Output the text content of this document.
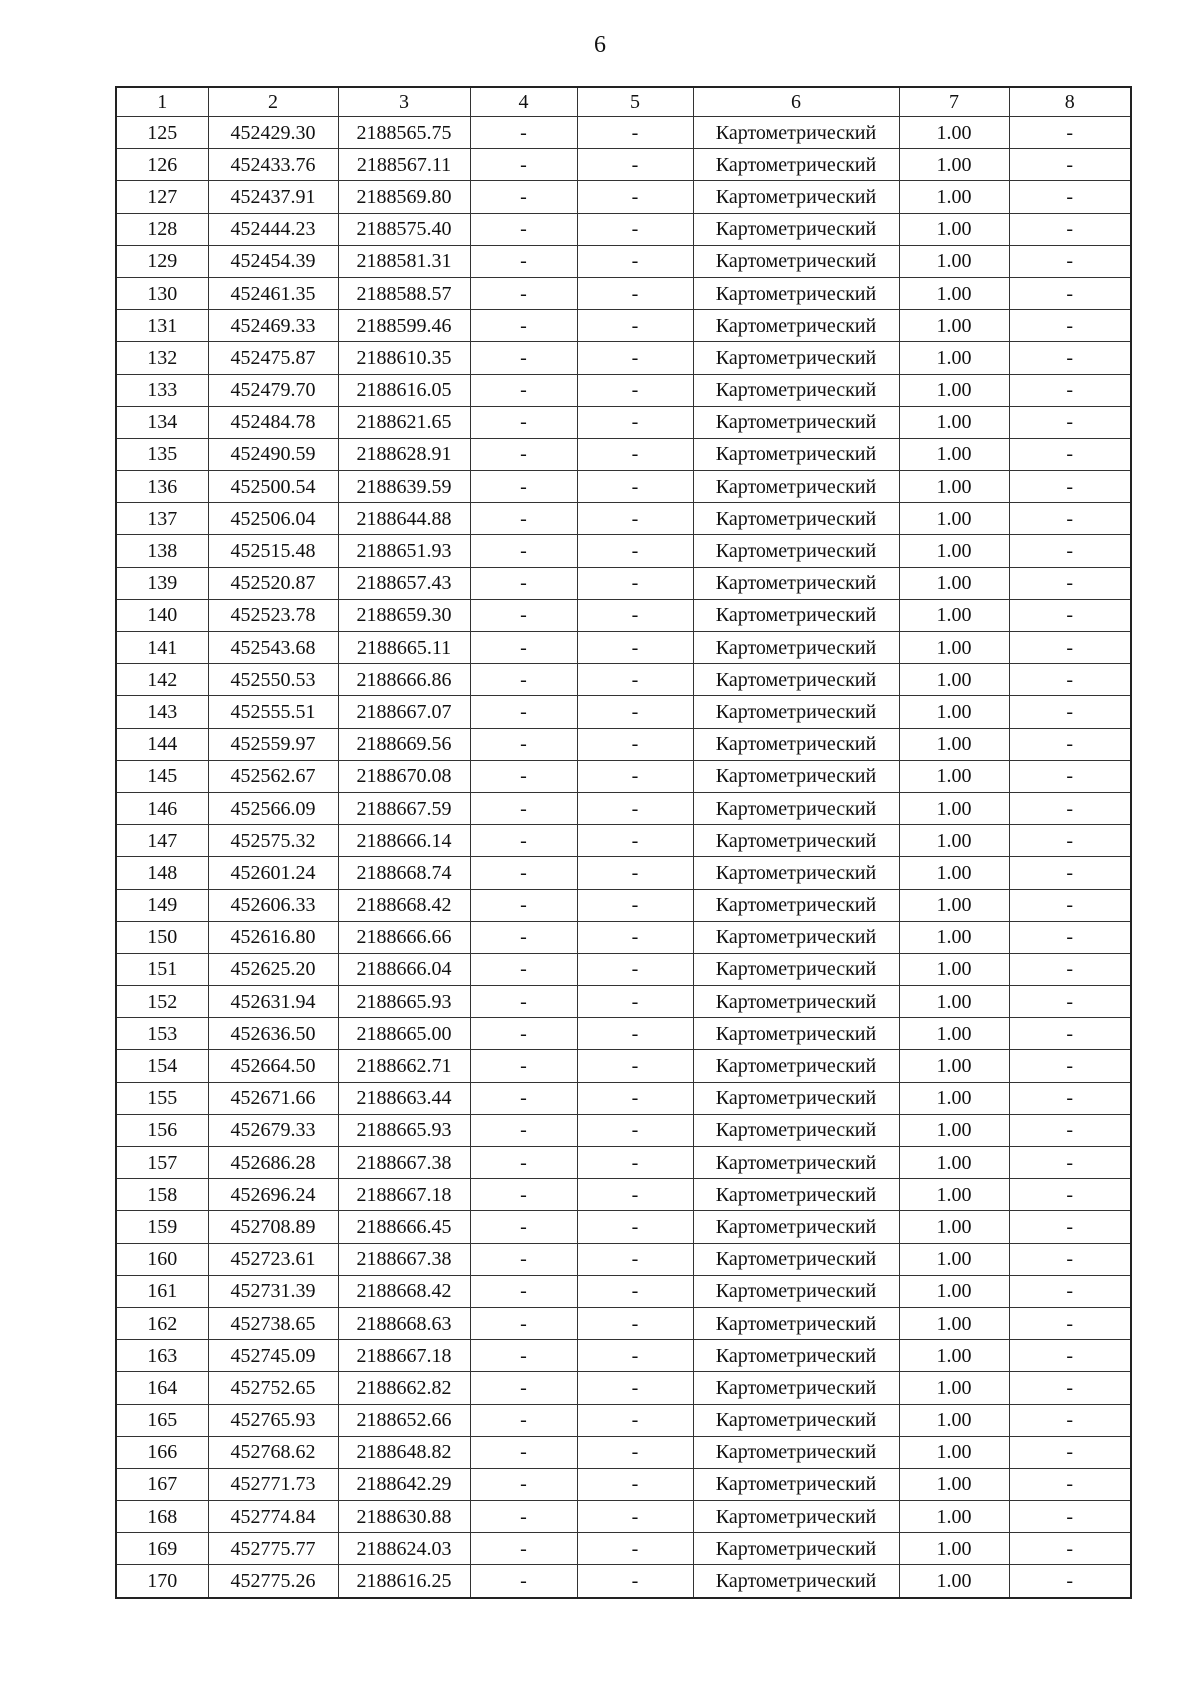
6
1	2	3	4	5	6	7	8
125	452429.30	2188565.75	-	-	Картометрический	1.00	-
126	452433.76	2188567.11	-	-	Картометрический	1.00	-
127	452437.91	2188569.80	-	-	Картометрический	1.00	-
128	452444.23	2188575.40	-	-	Картометрический	1.00	-
129	452454.39	2188581.31	-	-	Картометрический	1.00	-
130	452461.35	2188588.57	-	-	Картометрический	1.00	-
131	452469.33	2188599.46	-	-	Картометрический	1.00	-
132	452475.87	2188610.35	-	-	Картометрический	1.00	-
133	452479.70	2188616.05	-	-	Картометрический	1.00	-
134	452484.78	2188621.65	-	-	Картометрический	1.00	-
135	452490.59	2188628.91	-	-	Картометрический	1.00	-
136	452500.54	2188639.59	-	-	Картометрический	1.00	-
137	452506.04	2188644.88	-	-	Картометрический	1.00	-
138	452515.48	2188651.93	-	-	Картометрический	1.00	-
139	452520.87	2188657.43	-	-	Картометрический	1.00	-
140	452523.78	2188659.30	-	-	Картометрический	1.00	-
141	452543.68	2188665.11	-	-	Картометрический	1.00	-
142	452550.53	2188666.86	-	-	Картометрический	1.00	-
143	452555.51	2188667.07	-	-	Картометрический	1.00	-
144	452559.97	2188669.56	-	-	Картометрический	1.00	-
145	452562.67	2188670.08	-	-	Картометрический	1.00	-
146	452566.09	2188667.59	-	-	Картометрический	1.00	-
147	452575.32	2188666.14	-	-	Картометрический	1.00	-
148	452601.24	2188668.74	-	-	Картометрический	1.00	-
149	452606.33	2188668.42	-	-	Картометрический	1.00	-
150	452616.80	2188666.66	-	-	Картометрический	1.00	-
151	452625.20	2188666.04	-	-	Картометрический	1.00	-
152	452631.94	2188665.93	-	-	Картометрический	1.00	-
153	452636.50	2188665.00	-	-	Картометрический	1.00	-
154	452664.50	2188662.71	-	-	Картометрический	1.00	-
155	452671.66	2188663.44	-	-	Картометрический	1.00	-
156	452679.33	2188665.93	-	-	Картометрический	1.00	-
157	452686.28	2188667.38	-	-	Картометрический	1.00	-
158	452696.24	2188667.18	-	-	Картометрический	1.00	-
159	452708.89	2188666.45	-	-	Картометрический	1.00	-
160	452723.61	2188667.38	-	-	Картометрический	1.00	-
161	452731.39	2188668.42	-	-	Картометрический	1.00	-
162	452738.65	2188668.63	-	-	Картометрический	1.00	-
163	452745.09	2188667.18	-	-	Картометрический	1.00	-
164	452752.65	2188662.82	-	-	Картометрический	1.00	-
165	452765.93	2188652.66	-	-	Картометрический	1.00	-
166	452768.62	2188648.82	-	-	Картометрический	1.00	-
167	452771.73	2188642.29	-	-	Картометрический	1.00	-
168	452774.84	2188630.88	-	-	Картометрический	1.00	-
169	452775.77	2188624.03	-	-	Картометрический	1.00	-
170	452775.26	2188616.25	-	-	Картометрический	1.00	-
